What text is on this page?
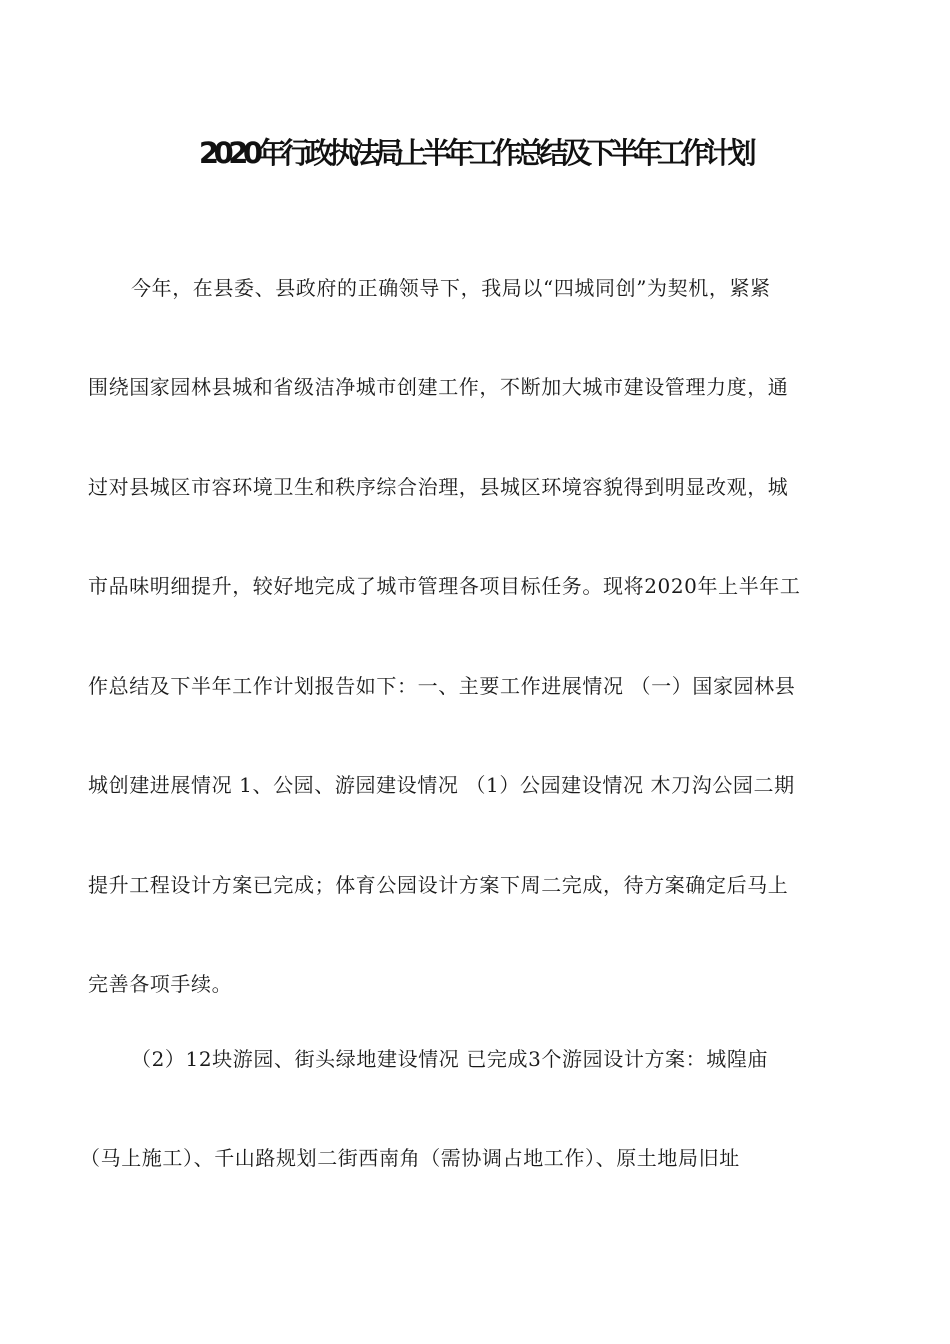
2020年行政执法局上半年工作总结及下半年工作计划
今年，在县委、县政府的正确领导下，我局以“四城同创”为契机，紧紧
围绕国家园林县城和省级洁净城市创建工作，不断加大城市建设管理力度，通
过对县城区市容环境卫生和秩序综合治理，县城区环境容貌得到明显改观，城
市品味明细提升，较好地完成了城市管理各项目标任务。现将2020年上半年工
作总结及下半年工作计划报告如下：一、主要工作进展情况 （一）国家园林县
城创建进展情况 1、公园、游园建设情况 （1）公园建设情况 木刀沟公园二期
提升工程设计方案已完成；体育公园设计方案下周二完成，待方案确定后马上
完善各项手续。
（2）12块游园、街头绿地建设情况 已完成3个游园设计方案：城隍庙
（马上施工）、千山路规划二街西南角（需协调占地工作）、原土地局旧址
